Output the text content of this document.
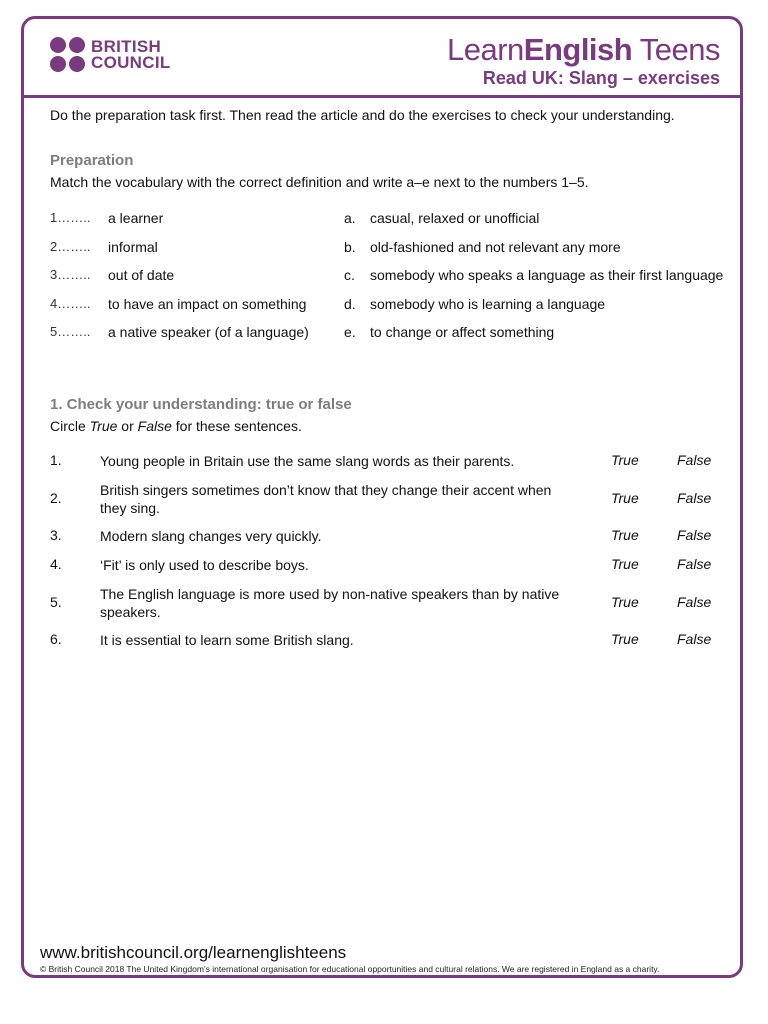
BRITISH
COUNCIL	LearnEnglish Teens
Read UK: Slang – exercises

Do the preparation task first. Then read the article and do the exercises to check your understanding.

Preparation

Match the vocabulary with the correct definition and write a–e next to the numbers 1–5.

1…….. a learner	a. casual, relaxed or unofficial
2…….. informal	b. old-fashioned and not relevant any more
3…….. out of date	c. somebody who speaks a language as their first language
4…….. to have an impact on something	d. somebody who is learning a language
5…….. a native speaker (of a language)	e. to change or affect something
1. Check your understanding: true or false

Circle True or False for these sentences.

1.	Young people in Britain use the same slang words as their parents.	True	False
2.	British singers sometimes don’t know that they change their accent when they sing.
True	False
3.	Modern slang changes very quickly.	True	False
4.	‘Fit’ is only used to describe boys.	True	False
5.	The English language is more used by non-native speakers than by native speakers.
True	False
6.	It is essential to learn some British slang.	True	False
www.britishcouncil.org/learnenglishteens
© British Council 2018 The United Kingdom’s international organisation for educational opportunities and cultural relations. We are registered in England as a charity.
